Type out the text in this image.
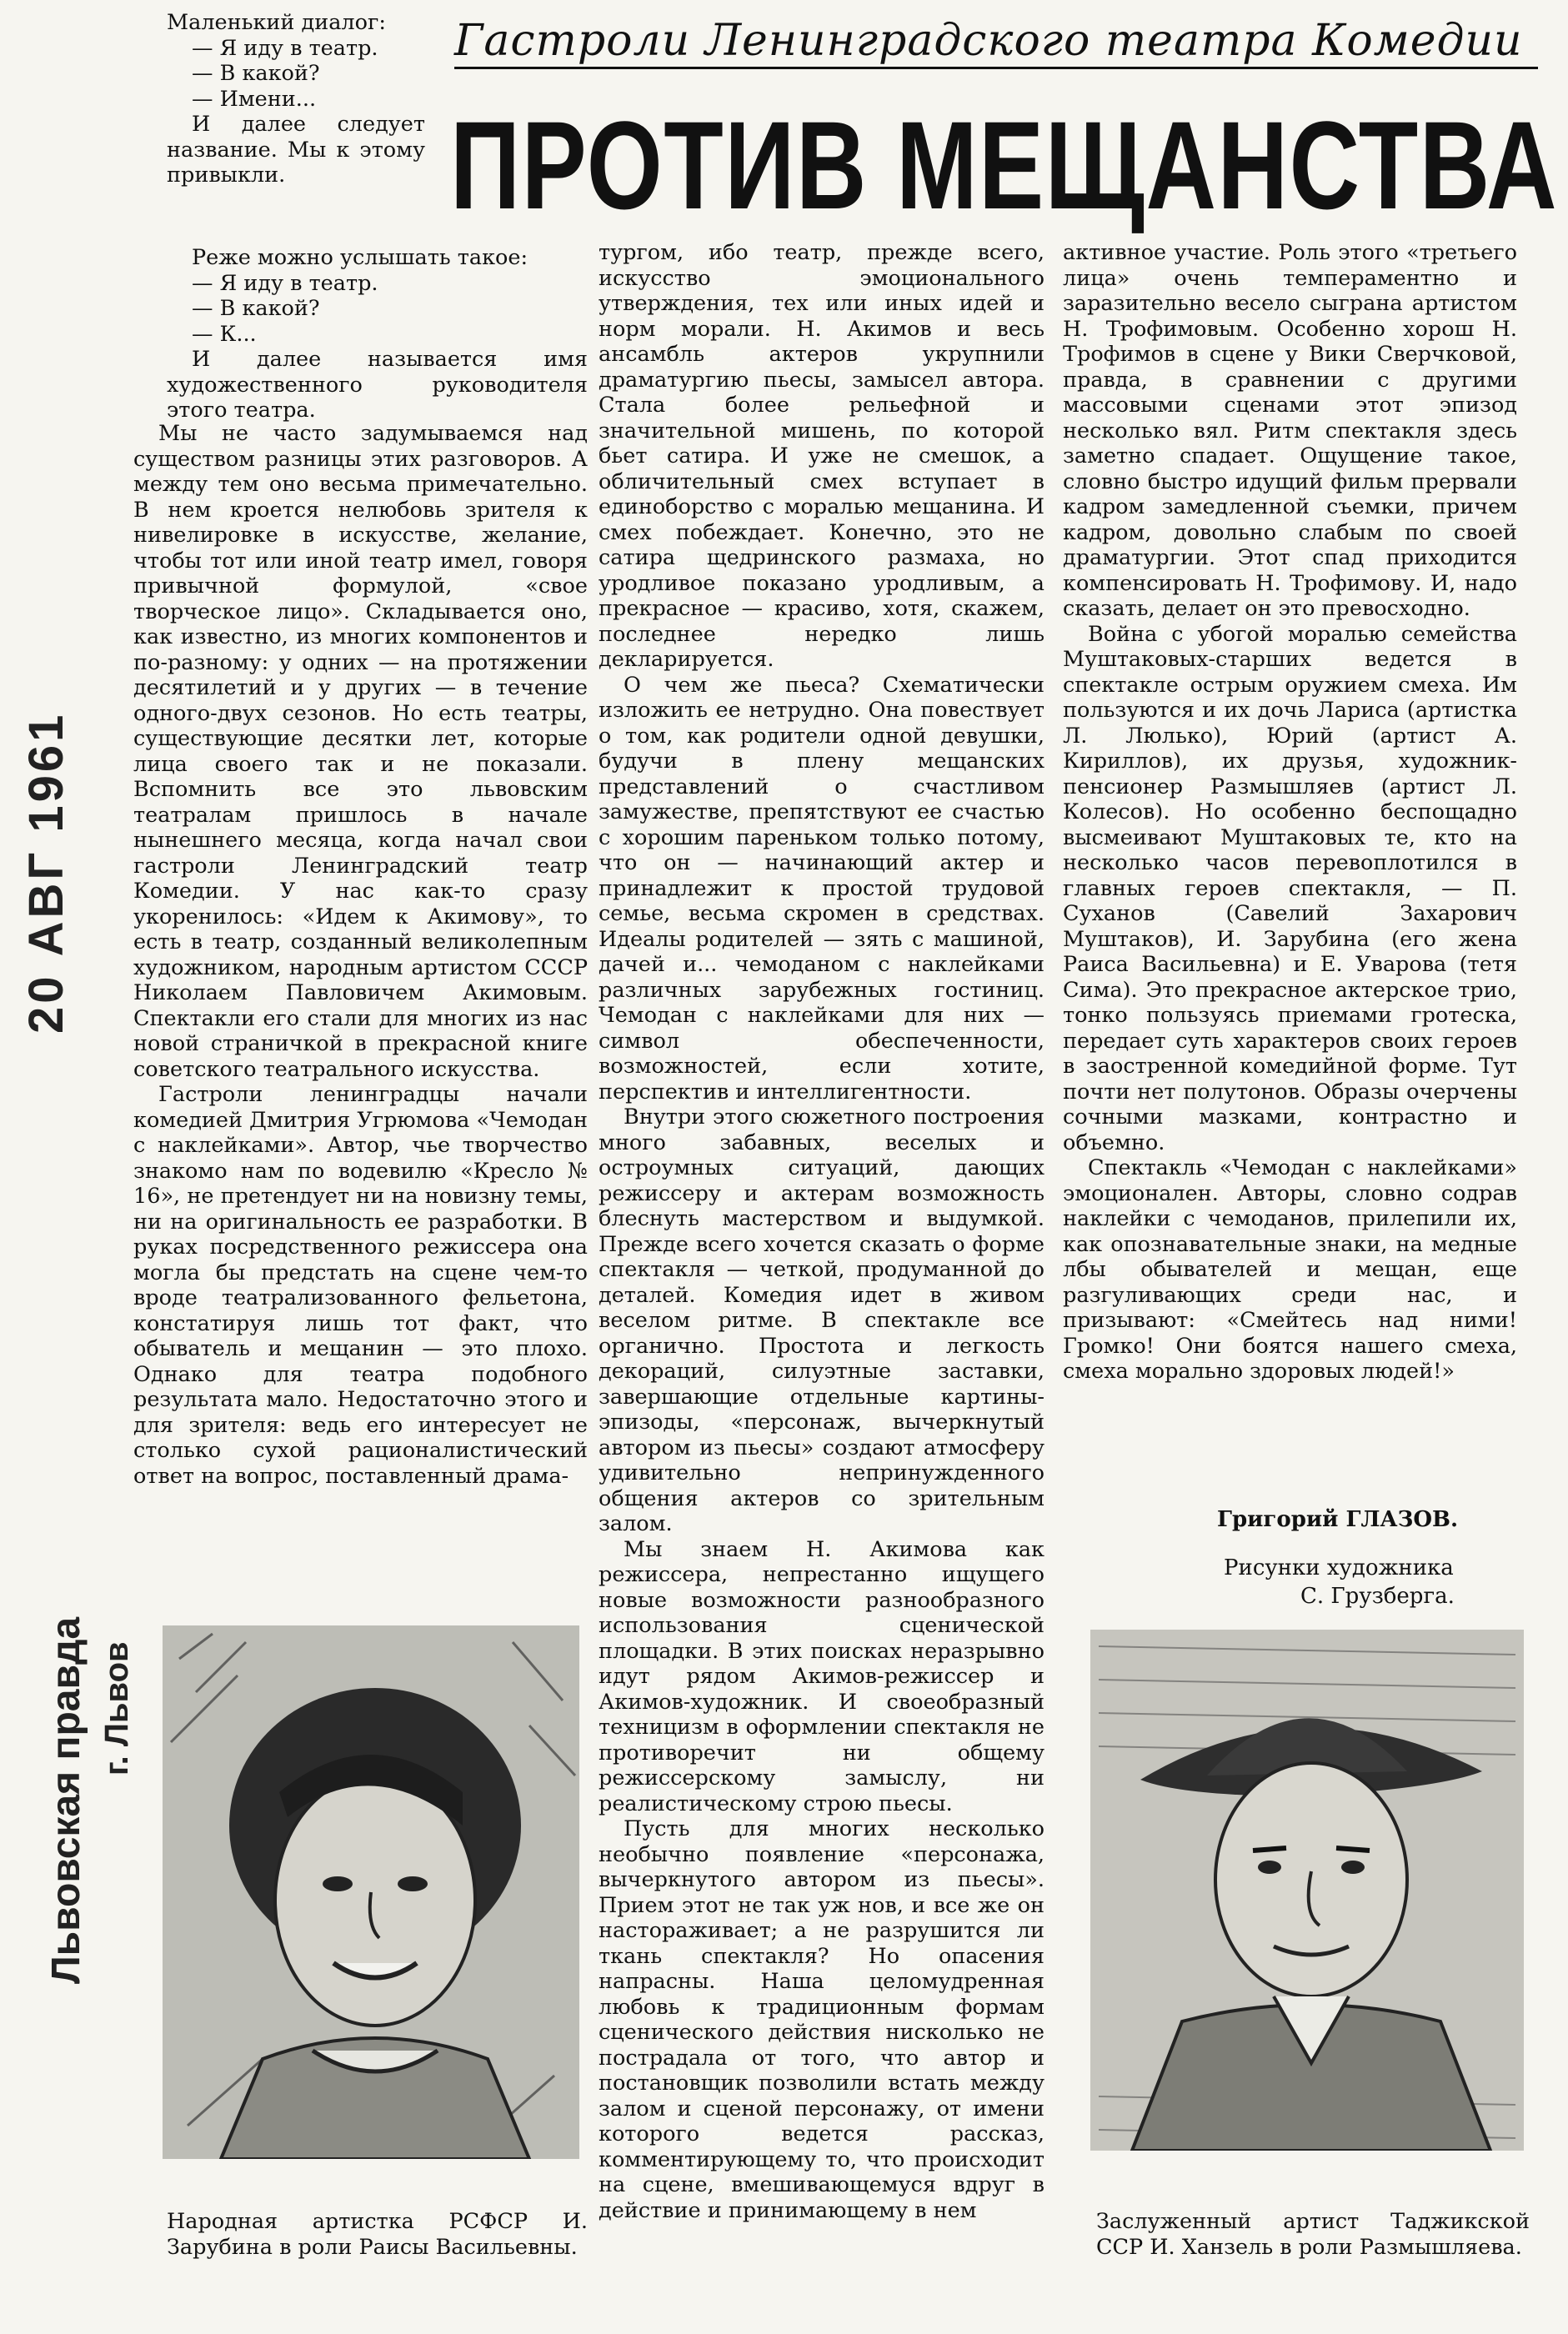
20 АВГ 1961
Львовская правда г. Львов
Гастроли Ленинградского театра Комедии
ПРОТИВ МЕЩАНСТВА

Маленький диалог:

— Я иду в театр.

— В какой?

— Имени...

И далее следует название. Мы к этому привыкли.

Реже можно услышать такое:

— Я иду в театр.

— В какой?

— К...

И далее называется имя художественного руководителя этого театра.

Мы не часто задумываемся над существом разницы этих разговоров. А между тем оно весьма примечательно. В нем кроется нелюбовь зрителя к нивелировке в искусстве, желание, чтобы тот или иной театр имел, говоря привычной формулой, «свое творческое лицо». Складывается оно, как известно, из многих компонентов и по-разному: у одних — на протяжении десятилетий и у других — в течение одного-двух сезонов. Но есть театры, существующие десятки лет, которые лица своего так и не показали. Вспомнить все это львовским театралам пришлось в начале нынешнего месяца, когда начал свои гастроли Ленинградский театр Комедии. У нас как-то сразу укоренилось: «Идем к Акимову», то есть в театр, созданный великолепным художником, народным артистом СССР Николаем Павловичем Акимовым. Спектакли его стали для многих из нас новой страничкой в прекрасной книге советского театрального искусства.

Гастроли ленинградцы начали комедией Дмитрия Угрюмова «Чемодан с наклейками». Автор, чье творчество знакомо нам по водевилю «Кресло № 16», не претендует ни на новизну темы, ни на оригинальность ее разработки. В руках посредственного режиссера она могла бы предстать на сцене чем-то вроде театрализованного фельетона, констатируя лишь тот факт, что обыватель и мещанин — это плохо. Однако для театра подобного результата мало. Недостаточно этого и для зрителя: ведь его интересует не столько сухой рационалистический ответ на вопрос, поставленный драма-

тургом, ибо театр, прежде всего, искусство эмоционального утверждения, тех или иных идей и норм морали. Н. Акимов и весь ансамбль актеров укрупнили драматургию пьесы, замысел автора. Стала более рельефной и значительной мишень, по которой бьет сатира. И уже не смешок, а обличительный смех вступает в единоборство с моралью мещанина. И смех побеждает. Конечно, это не сатира щедринского размаха, но уродливое показано уродливым, а прекрасное — красиво, хотя, скажем, последнее нередко лишь декларируется.

О чем же пьеса? Схематически изложить ее нетрудно. Она повествует о том, как родители одной девушки, будучи в плену мещанских представлений о счастливом замужестве, препятствуют ее счастью с хорошим пареньком только потому, что он — начинающий актер и принадлежит к простой трудовой семье, весьма скромен в средствах. Идеалы родителей — зять с машиной, дачей и... чемоданом с наклейками различных зарубежных гостиниц. Чемодан с наклейками для них — символ обеспеченности, возможностей, если хотите, перспектив и интеллигентности.

Внутри этого сюжетного построения много забавных, веселых и остроумных ситуаций, дающих режиссеру и актерам возможность блеснуть мастерством и выдумкой. Прежде всего хочется сказать о форме спектакля — четкой, продуманной до деталей. Комедия идет в живом веселом ритме. В спектакле все органично. Простота и легкость декораций, силуэтные заставки, завершающие отдельные картины-эпизоды, «персонаж, вычеркнутый автором из пьесы» создают атмосферу удивительно непринужденного общения актеров со зрительным залом.

Мы знаем Н. Акимова как режиссера, непрестанно ищущего новые возможности разнообразного использования сценической площадки. В этих поисках неразрывно идут рядом Акимов-режиссер и Акимов-художник. И своеобразный техницизм в оформлении спектакля не противоречит ни общему режиссерскому замыслу, ни реалистическому строю пьесы.

Пусть для многих несколько необычно появление «персонажа, вычеркнутого автором из пьесы». Прием этот не так уж нов, и все же он настораживает; а не разрушится ли ткань спектакля? Но опасения напрасны. Наша целомудренная любовь к традиционным формам сценического действия нисколько не пострадала от того, что автор и постановщик позволили встать между залом и сценой персонажу, от имени которого ведется рассказ, комментирующему то, что происходит на сцене, вмешивающемуся вдруг в действие и принимающему в нем

активное участие. Роль этого «третьего лица» очень темпераментно и заразительно весело сыграна артистом Н. Трофимовым. Особенно хорош Н. Трофимов в сцене у Вики Сверчковой, правда, в сравнении с другими массовыми сценами этот эпизод несколько вял. Ритм спектакля здесь заметно спадает. Ощущение такое, словно быстро идущий фильм прервали кадром замедленной съемки, причем кадром, довольно слабым по своей драматургии. Этот спад приходится компенсировать Н. Трофимову. И, надо сказать, делает он это превосходно.

Война с убогой моралью семейства Муштаковых-старших ведется в спектакле острым оружием смеха. Им пользуются и их дочь Лариса (артистка Л. Люлько), Юрий (артист А. Кириллов), их друзья, художник-пенсионер Размышляев (артист Л. Колесов). Но особенно беспощадно высмеивают Муштаковых те, кто на несколько часов перевоплотился в главных героев спектакля, — П. Суханов (Савелий Захарович Муштаков), И. Зарубина (его жена Раиса Васильевна) и Е. Уварова (тетя Сима). Это прекрасное актерское трио, тонко пользуясь приемами гротеска, передает суть характеров своих героев в заостренной комедийной форме. Тут почти нет полутонов. Образы очерчены сочными мазками, контрастно и объемно.

Спектакль «Чемодан с наклейками» эмоционален. Авторы, словно содрав наклейки с чемоданов, прилепили их, как опознавательные знаки, на медные лбы обывателей и мещан, еще разгуливающих среди нас, и призывают: «Смейтесь над ними! Громко! Они боятся нашего смеха, смеха морально здоровых людей!»

Григорий ГЛАЗОВ.
Рисунки художника
С. Грузберга.
Народная артистка РСФСР И. Зарубина в роли Раисы Васильевны.
Заслуженный артист Таджикской ССР И. Ханзель в роли Размышляева.
